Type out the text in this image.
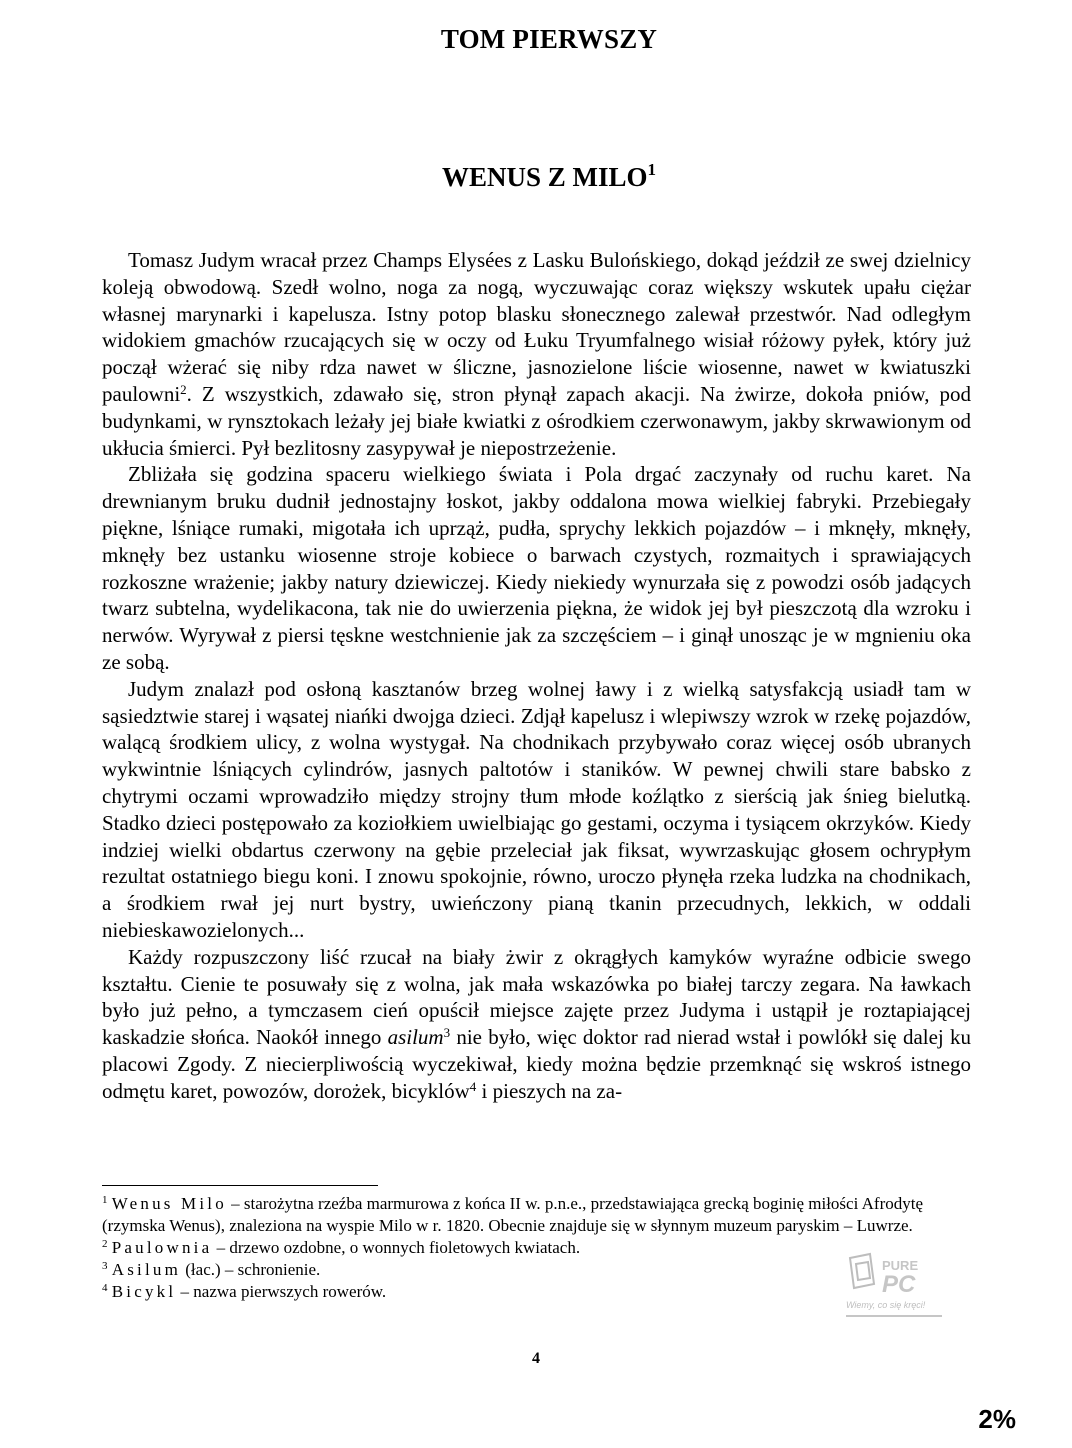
TOM PIERWSZY
WENUS Z MILO$^1$

Tomasz Judym wracał przez Champs Elysées z Lasku Bulońskiego, dokąd jeździł ze swej dzielnicy koleją obwodową. Szedł wolno, noga za nogą, wyczuwając coraz większy wskutek upału ciężar własnej marynarki i kapelusza. Istny potop blasku słonecznego zalewał przestwór. Nad odległym widokiem gmachów rzucających się w oczy od Łuku Tryumfalnego wisiał różowy pyłek, który już począł wżerać się niby rdza nawet w śliczne, jasnozielone liście wiosenne, nawet w kwiatuszki paulowni$^2$. Z wszystkich, zdawało się, stron płynął zapach akacji. Na żwirze, dokoła pniów, pod budynkami, w rynsztokach leżały jej białe kwiatki z ośrodkiem czerwonawym, jakby skrwawionym od ukłucia śmierci. Pył bezlitosny zasypywał je niepostrzeżenie.

Zbliżała się godzina spaceru wielkiego świata i Pola drgać zaczynały od ruchu karet. Na drewnianym bruku dudnił jednostajny łoskot, jakby oddalona mowa wielkiej fabryki. Przebiegały piękne, lśniące rumaki, migotała ich uprząż, pudła, sprychy lekkich pojazdów – i mknęły, mknęły, mknęły bez ustanku wiosenne stroje kobiece o barwach czystych, rozmaitych i sprawiających rozkoszne wrażenie; jakby natury dziewiczej. Kiedy niekiedy wynurzała się z powodzi osób jadących twarz subtelna, wydelikacona, tak nie do uwierzenia piękna, że widok jej był pieszczotą dla wzroku i nerwów. Wyrywał z piersi tęskne westchnienie jak za szczęściem – i ginął unosząc je w mgnieniu oka ze sobą.

Judym znalazł pod osłoną kasztanów brzeg wolnej ławy i z wielką satysfakcją usiadł tam w sąsiedztwie starej i wąsatej niańki dwojga dzieci. Zdjął kapelusz i wlepiwszy wzrok w rzekę pojazdów, walącą środkiem ulicy, z wolna wystygał. Na chodnikach przybywało coraz więcej osób ubranych wykwintnie lśniących cylindrów, jasnych paltotów i staników. W pewnej chwili stare babsko z chytrymi oczami wprowadziło między strojny tłum młode koźlątko z sierścią jak śnieg bielutką. Stadko dzieci postępowało za koziołkiem uwielbiając go gestami, oczyma i tysiącem okrzyków. Kiedy indziej wielki obdartus czerwony na gębie przeleciał jak fiksat, wywrzaskując głosem ochrypłym rezultat ostatniego biegu koni. I znowu spokojnie, równo, uroczo płynęła rzeka ludzka na chodnikach, a środkiem rwał jej nurt bystry, uwieńczony pianą tkanin przecudnych, lekkich, w oddali niebieskawozielonych...

Każdy rozpuszczony liść rzucał na biały żwir z okrągłych kamyków wyraźne odbicie swego kształtu. Cienie te posuwały się z wolna, jak mała wskazówka po białej tarczy zegara. Na ławkach było już pełno, a tymczasem cień opuścił miejsce zajęte przez Judyma i ustąpił je roztapiającej kaskadzie słońca. Naokół innego asilum$^3$ nie było, więc doktor rad nierad wstał i powlókł się dalej ku placowi Zgody. Z niecierpliwością wyczekiwał, kiedy można będzie przemknąć się wskroś istnego odmętu karet, powozów, dorożek, bicyklów$^4$ i pieszych na za-

$^1$ Wenus Milo – starożytna rzeźba marmurowa z końca II w. p.n.e., przedstawiająca grecką boginię miłości Afrodytę (rzymska Wenus), znaleziona na wyspie Milo w r. 1820. Obecnie znajduje się w słynnym muzeum paryskim – Luwrze.

$^2$ Paulownia – drzewo ozdobne, o wonnych fioletowych kwiatach.

$^3$ Asilum (łac.) – schronienie.

$^4$ Bicykl – nazwa pierwszych rowerów.

PURE
PC
Wiemy, co się kręci!
4
2%
